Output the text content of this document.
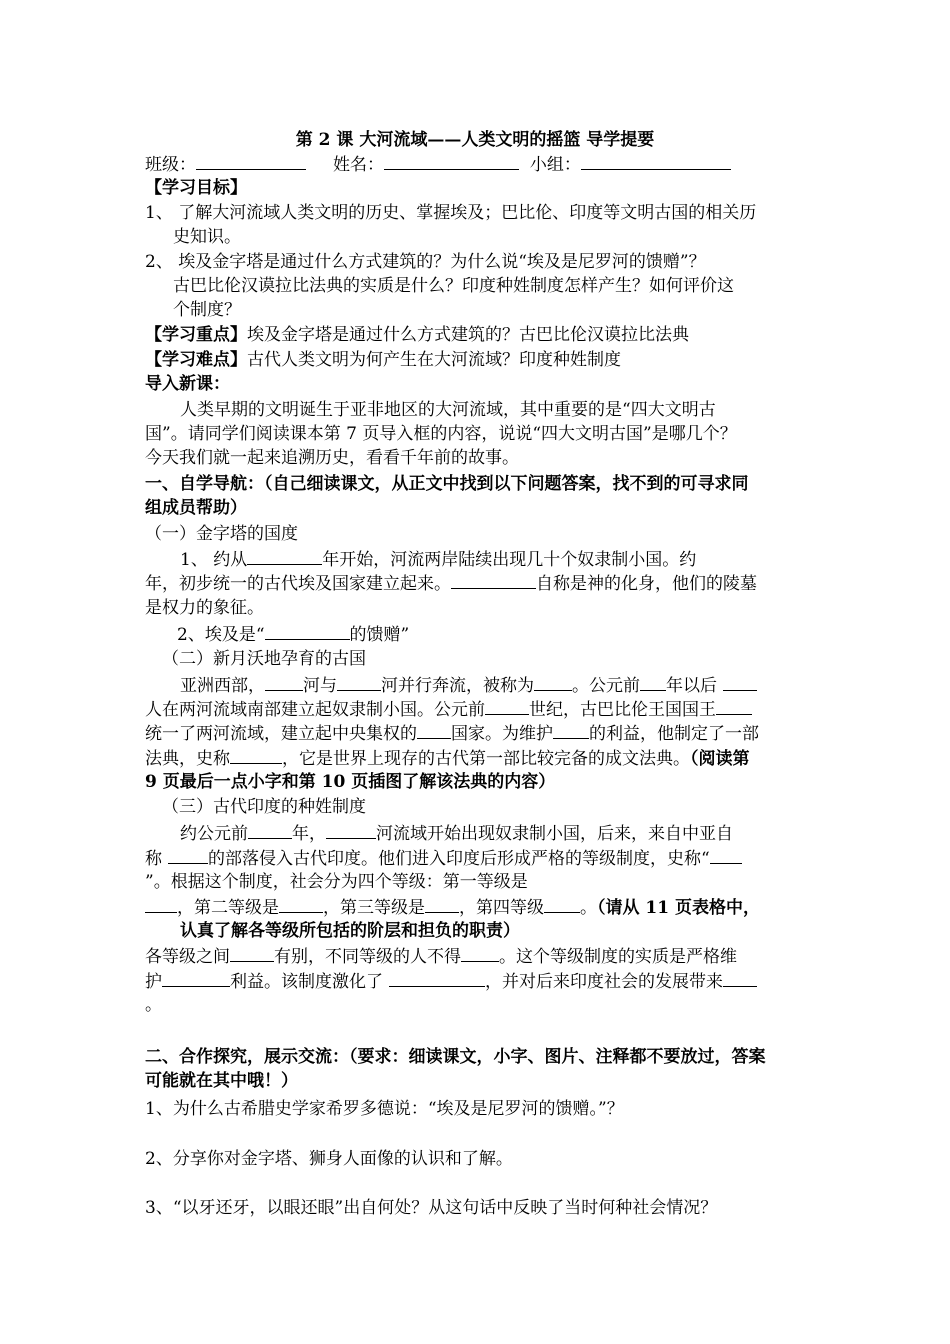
第 2 课 大河流域——人类文明的摇篮 导学提要
班级：	姓名：	小组：
【学习目标】
1、 了解大河流域人类文明的历史、掌握埃及；巴比伦、印度等文明古国的相关历
史知识。
2、 埃及金字塔是通过什么方式建筑的？为什么说“埃及是尼罗河的馈赠”？
古巴比伦汉谟拉比法典的实质是什么？印度种姓制度怎样产生？如何评价这
个制度？
【学习重点】埃及金字塔是通过什么方式建筑的？古巴比伦汉谟拉比法典
【学习难点】古代人类文明为何产生在大河流域？印度种姓制度
导入新课：
人类早期的文明诞生于亚非地区的大河流域，其中重要的是“四大文明古
国”。请同学们阅读课本第 7 页导入框的内容，说说“四大文明古国”是哪几个？
今天我们就一起来追溯历史，看看千年前的故事。
一、自学导航：（自己细读课文，从正文中找到以下问题答案，找不到的可寻求同
组成员帮助）
（一）金字塔的国度
1、 约从	年开始，河流两岸陆续出现几十个奴隶制小国。约
年，初步统一的古代埃及国家建立起来。	自称是神的化身，他们的陵墓
是权力的象征。
2、埃及是“	的馈赠”
（二）新月沃地孕育的古国
亚洲西部， 河与	河并行奔流，被称为 。公元前 年以后
人在两河流域南部建立起奴隶制小国。公元前	世纪，古巴比伦王国国王
统一了两河流域，建立起中央集权的 国家。为维护 的利益，他制定了一部
法典，史称	，它是世界上现存的古代第一部比较完备的成文法典。（阅读第
9 页最后一点小字和第 10 页插图了解该法典的内容）
（三）古代印度的种姓制度
约公元前	年，	河流域开始出现奴隶制小国，后来，来自中亚自
称	的部落侵入古代印度。他们进入印度后形成严格的等级制度，史称“
”。根据这个制度，社会分为四个等级：第一等级是
，第二等级是	，第三等级是 ，第四等级 。（请从 11 页表格中，
认真了解各等级所包括的阶层和担负的职责）
各等级之间	有别，不同等级的人不得 。这个等级制度的实质是严格维
护	利益。该制度激化了	，并对后来印度社会的发展带来
。
二、合作探究，展示交流：（要求：细读课文，小字、图片、注释都不要放过，答案
可能就在其中哦！）
1、为什么古希腊史学家希罗多德说：“埃及是尼罗河的馈赠。”？
2、分享你对金字塔、狮身人面像的认识和了解。
3、“以牙还牙，以眼还眼”出自何处？从这句话中反映了当时何种社会情况？
